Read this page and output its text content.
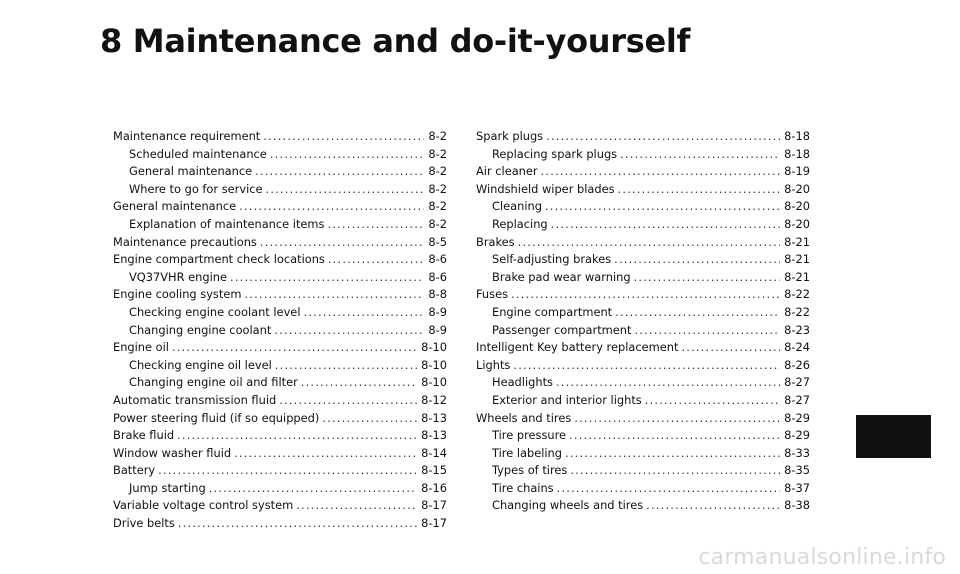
8 Maintenance and do-it-yourself
Maintenance requirement .....	8-2
Scheduled maintenance .....	8-2
General maintenance .....	8-2
Where to go for service .....	8-2
General maintenance .....	8-2
Explanation of maintenance items .....	8-2
Maintenance precautions .....	8-5
Engine compartment check locations .....	8-6
VQ37VHR engine .....	8-6
Engine cooling system .....	8-8
Checking engine coolant level .....	8-9
Changing engine coolant .....	8-9
Engine oil .....	8-10
Checking engine oil level .....	8-10
Changing engine oil and filter .....	8-10
Automatic transmission fluid .....	8-12
Power steering fluid (if so equipped) .....	8-13
Brake fluid .....	8-13
Window washer fluid .....	8-14
Battery .....	8-15
Jump starting .....	8-16
Variable voltage control system .....	8-17
Drive belts .....	8-17
Spark plugs .....	8-18
Replacing spark plugs .....	8-18
Air cleaner .....	8-19
Windshield wiper blades .....	8-20
Cleaning .....	8-20
Replacing .....	8-20
Brakes .....	8-21
Self-adjusting brakes .....	8-21
Brake pad wear warning .....	8-21
Fuses .....	8-22
Engine compartment .....	8-22
Passenger compartment .....	8-23
Intelligent Key battery replacement .....	8-24
Lights .....	8-26
Headlights .....	8-27
Exterior and interior lights .....	8-27
Wheels and tires .....	8-29
Tire pressure .....	8-29
Tire labeling .....	8-33
Types of tires .....	8-35
Tire chains .....	8-37
Changing wheels and tires .....	8-38
carmanualsonline.info
